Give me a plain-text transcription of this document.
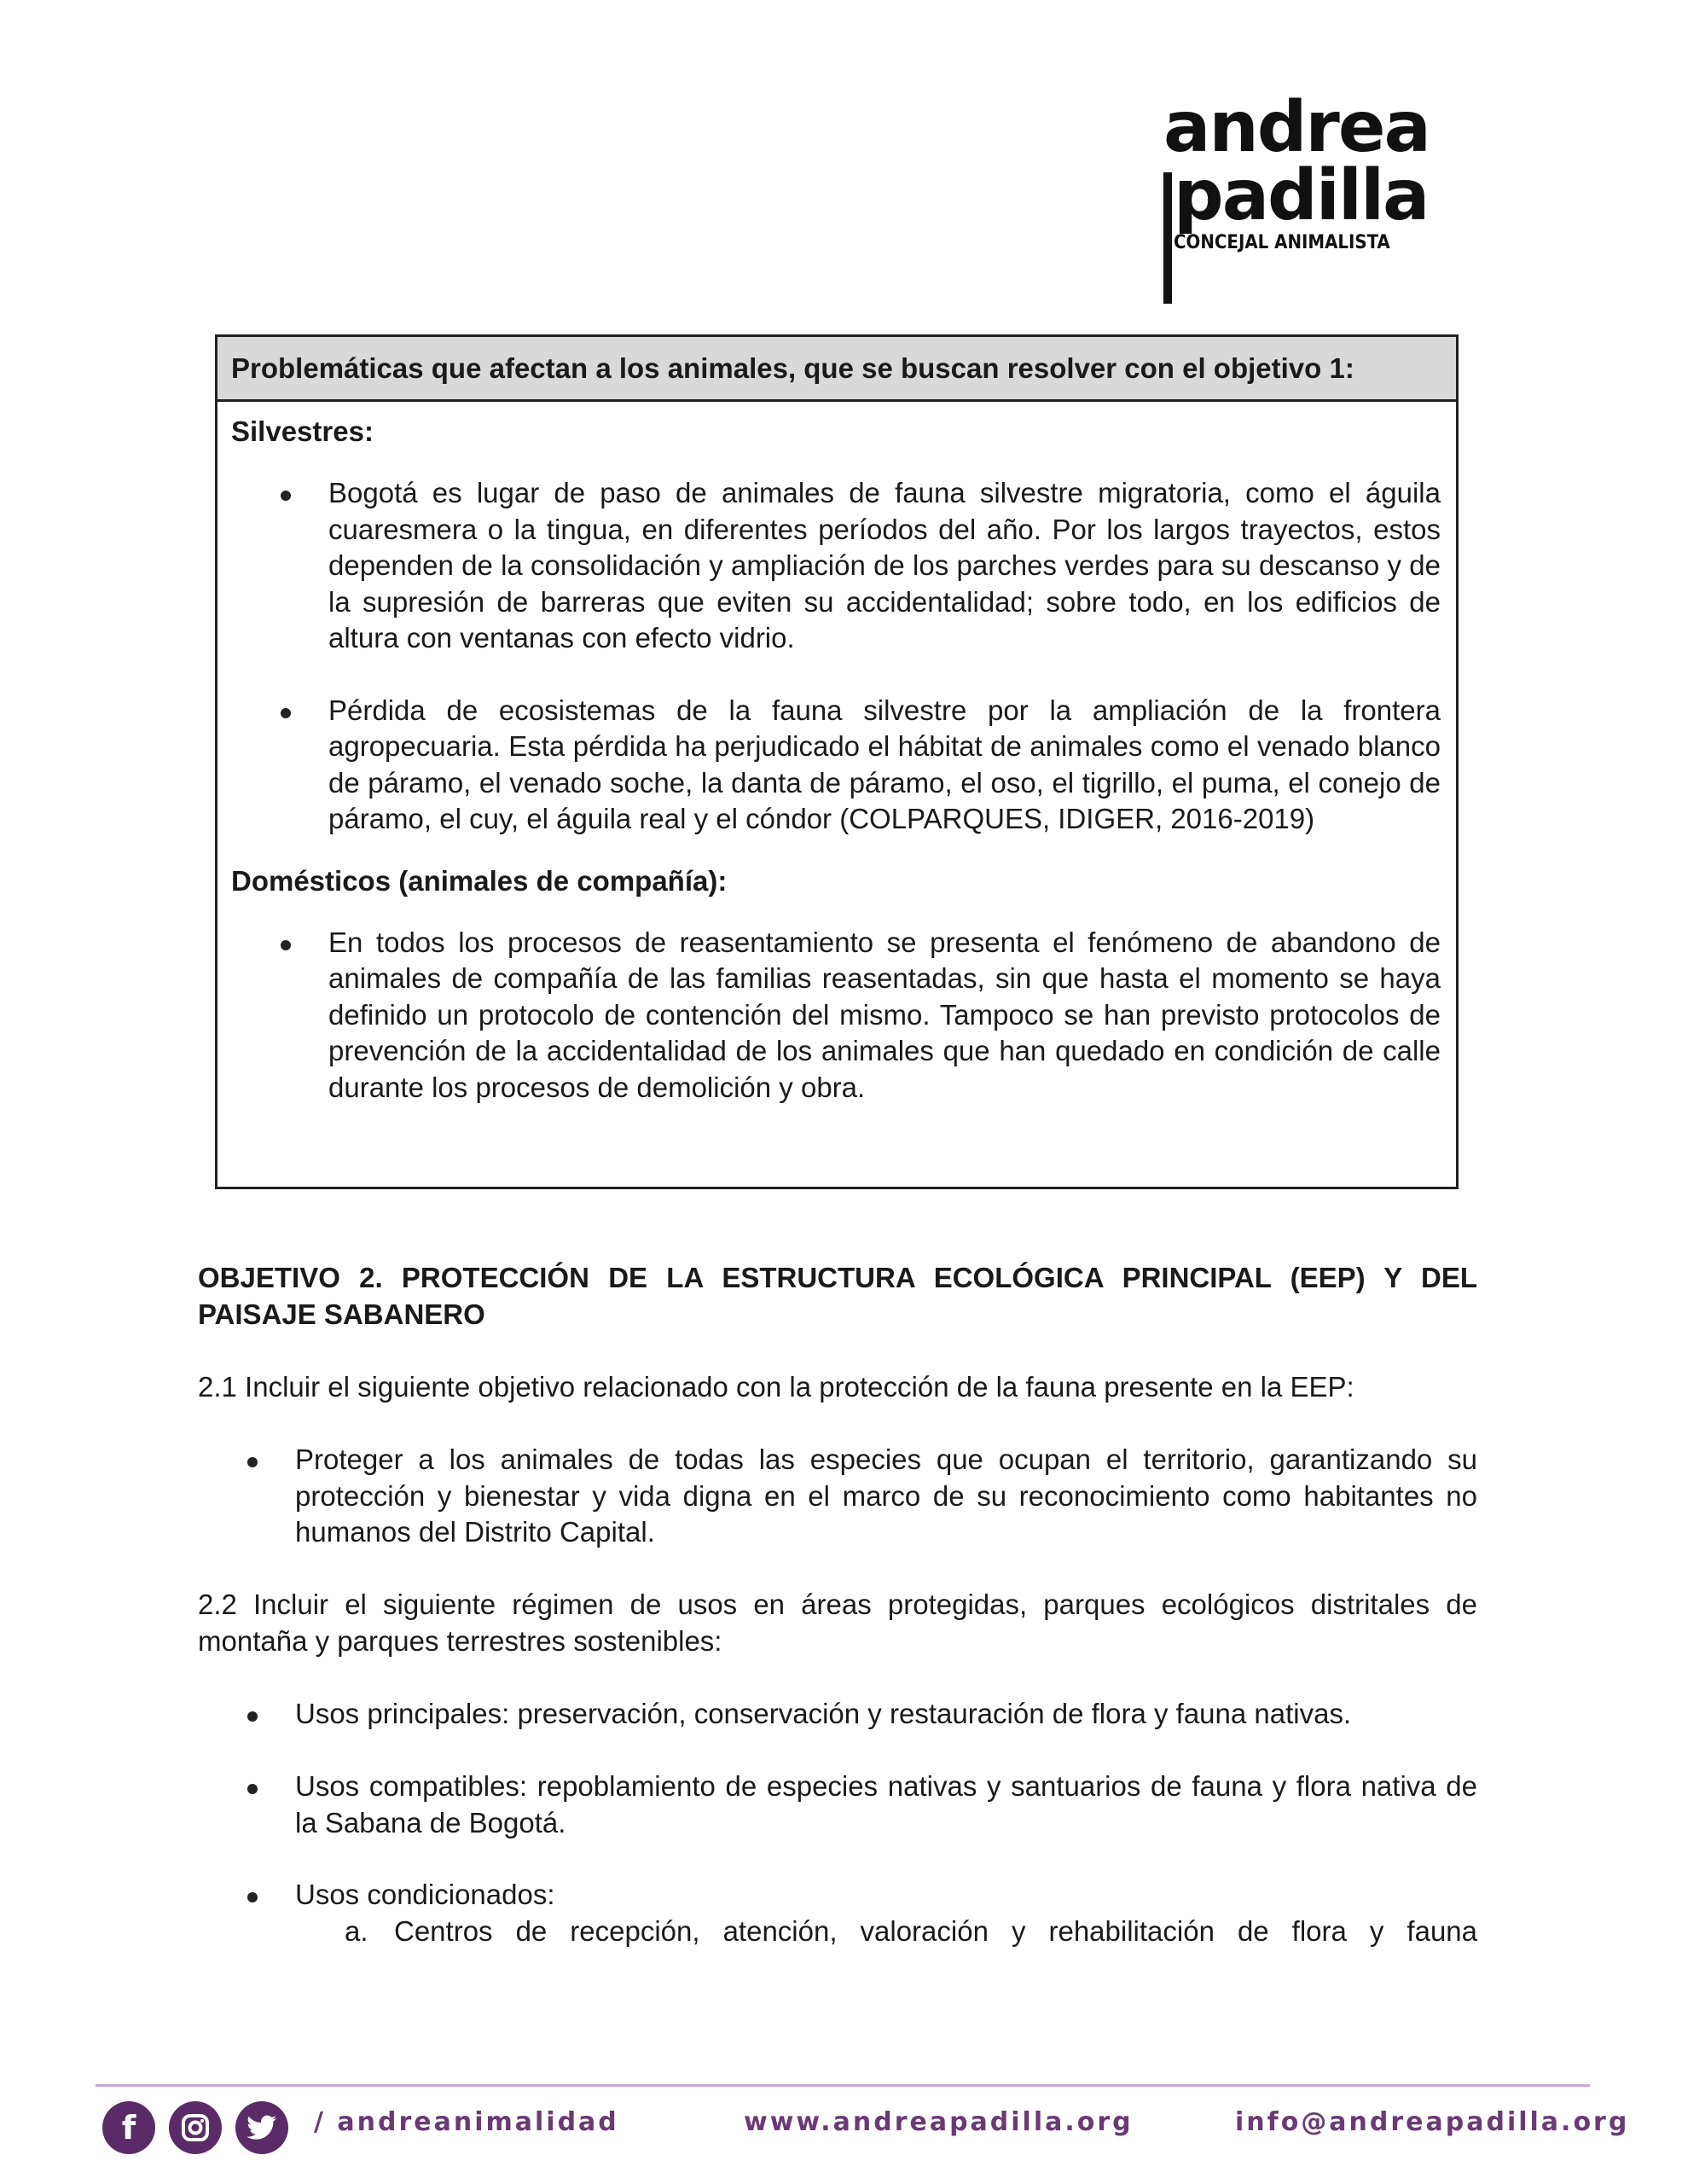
andrea
padilla
CONCEJAL ANIMALISTA
Problemáticas que afectan a los animales, que se buscan resolver con el objetivo 1:
Silvestres:
Bogotá es lugar de paso de animales de fauna silvestre migratoria, como el águila cuaresmera o la tingua, en diferentes períodos del año. Por los largos trayectos, estos dependen de la consolidación y ampliación de los parches verdes para su descanso y de la supresión de barreras que eviten su accidentalidad; sobre todo, en los edificios de altura con ventanas con efecto vidrio.
Pérdida de ecosistemas de la fauna silvestre por la ampliación de la frontera agropecuaria. Esta pérdida ha perjudicado el hábitat de animales como el venado blanco de páramo, el venado soche, la danta de páramo, el oso, el tigrillo, el puma, el conejo de páramo, el cuy, el águila real y el cóndor (COLPARQUES, IDIGER, 2016-2019)
Domésticos (animales de compañía):
En todos los procesos de reasentamiento se presenta el fenómeno de abandono de animales de compañía de las familias reasentadas, sin que hasta el momento se haya definido un protocolo de contención del mismo. Tampoco se han previsto protocolos de prevención de la accidentalidad de los animales que han quedado en condición de calle durante los procesos de demolición y obra.
OBJETIVO 2. PROTECCIÓN DE LA ESTRUCTURA ECOLÓGICA PRINCIPAL (EEP) Y DEL PAISAJE SABANERO
2.1 Incluir el siguiente objetivo relacionado con la protección de la fauna presente en la EEP:
Proteger a los animales de todas las especies que ocupan el territorio, garantizando su protección y bienestar y vida digna en el marco de su reconocimiento como habitantes no humanos del Distrito Capital.
2.2 Incluir el siguiente régimen de usos en áreas protegidas, parques ecológicos distritales de montaña y parques terrestres sostenibles:
Usos principales: preservación, conservación y restauración de flora y fauna nativas.
Usos compatibles: repoblamiento de especies nativas y santuarios de fauna y flora nativa de la Sabana de Bogotá.
Usos condicionados:
a. Centros de recepción, atención, valoración y rehabilitación de flora y fauna
f	/ andreanimalidad	www.andreapadilla.org	info@andreapadilla.org
